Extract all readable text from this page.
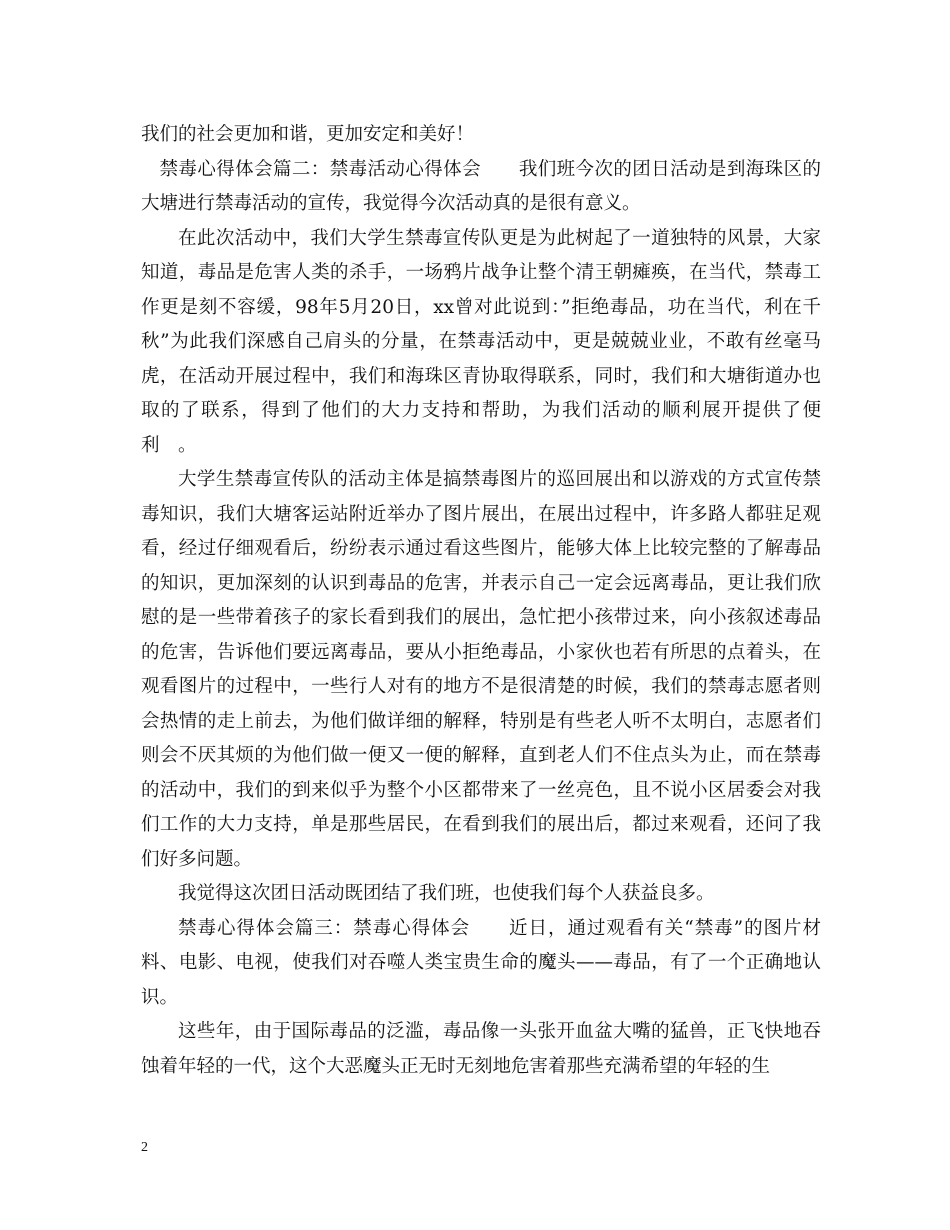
我们的社会更加和谐，更加安定和美好！

禁毒心得体会篇二：禁毒活动心得体会　　我们班今次的团日活动是到海珠区的大塘进行禁毒活动的宣传，我觉得今次活动真的是很有意义。

在此次活动中，我们大学生禁毒宣传队更是为此树起了一道独特的风景，大家知道，毒品是危害人类的杀手，一场鸦片战争让整个清王朝瘫痪，在当代，禁毒工作更是刻不容缓，98年5月20日，xx曾对此说到：”拒绝毒品，功在当代，利在千秋”为此我们深感自己肩头的分量，在禁毒活动中，更是兢兢业业，不敢有丝毫马虎，在活动开展过程中，我们和海珠区青协取得联系，同时，我们和大塘街道办也取的了联系，得到了他们的大力支持和帮助，为我们活动的顺利展开提供了便利　。

大学生禁毒宣传队的活动主体是搞禁毒图片的巡回展出和以游戏的方式宣传禁毒知识，我们大塘客运站附近举办了图片展出，在展出过程中，许多路人都驻足观看，经过仔细观看后，纷纷表示通过看这些图片，能够大体上比较完整的了解毒品的知识，更加深刻的认识到毒品的危害，并表示自己一定会远离毒品，更让我们欣慰的是一些带着孩子的家长看到我们的展出，急忙把小孩带过来，向小孩叙述毒品的危害，告诉他们要远离毒品，要从小拒绝毒品，小家伙也若有所思的点着头，在观看图片的过程中，一些行人对有的地方不是很清楚的时候，我们的禁毒志愿者则会热情的走上前去，为他们做详细的解释，特别是有些老人听不太明白，志愿者们则会不厌其烦的为他们做一便又一便的解释，直到老人们不住点头为止，而在禁毒的活动中，我们的到来似乎为整个小区都带来了一丝亮色，且不说小区居委会对我们工作的大力支持，单是那些居民，在看到我们的展出后，都过来观看，还问了我们好多问题。

我觉得这次团日活动既团结了我们班，也使我们每个人获益良多。

禁毒心得体会篇三：禁毒心得体会　　近日，通过观看有关“禁毒”的图片材料、电影、电视，使我们对吞噬人类宝贵生命的魔头——毒品，有了一个正确地认识。

这些年，由于国际毒品的泛滥，毒品像一头张开血盆大嘴的猛兽，正飞快地吞蚀着年轻的一代，这个大恶魔头正无时无刻地危害着那些充满希望的年轻的生

2
